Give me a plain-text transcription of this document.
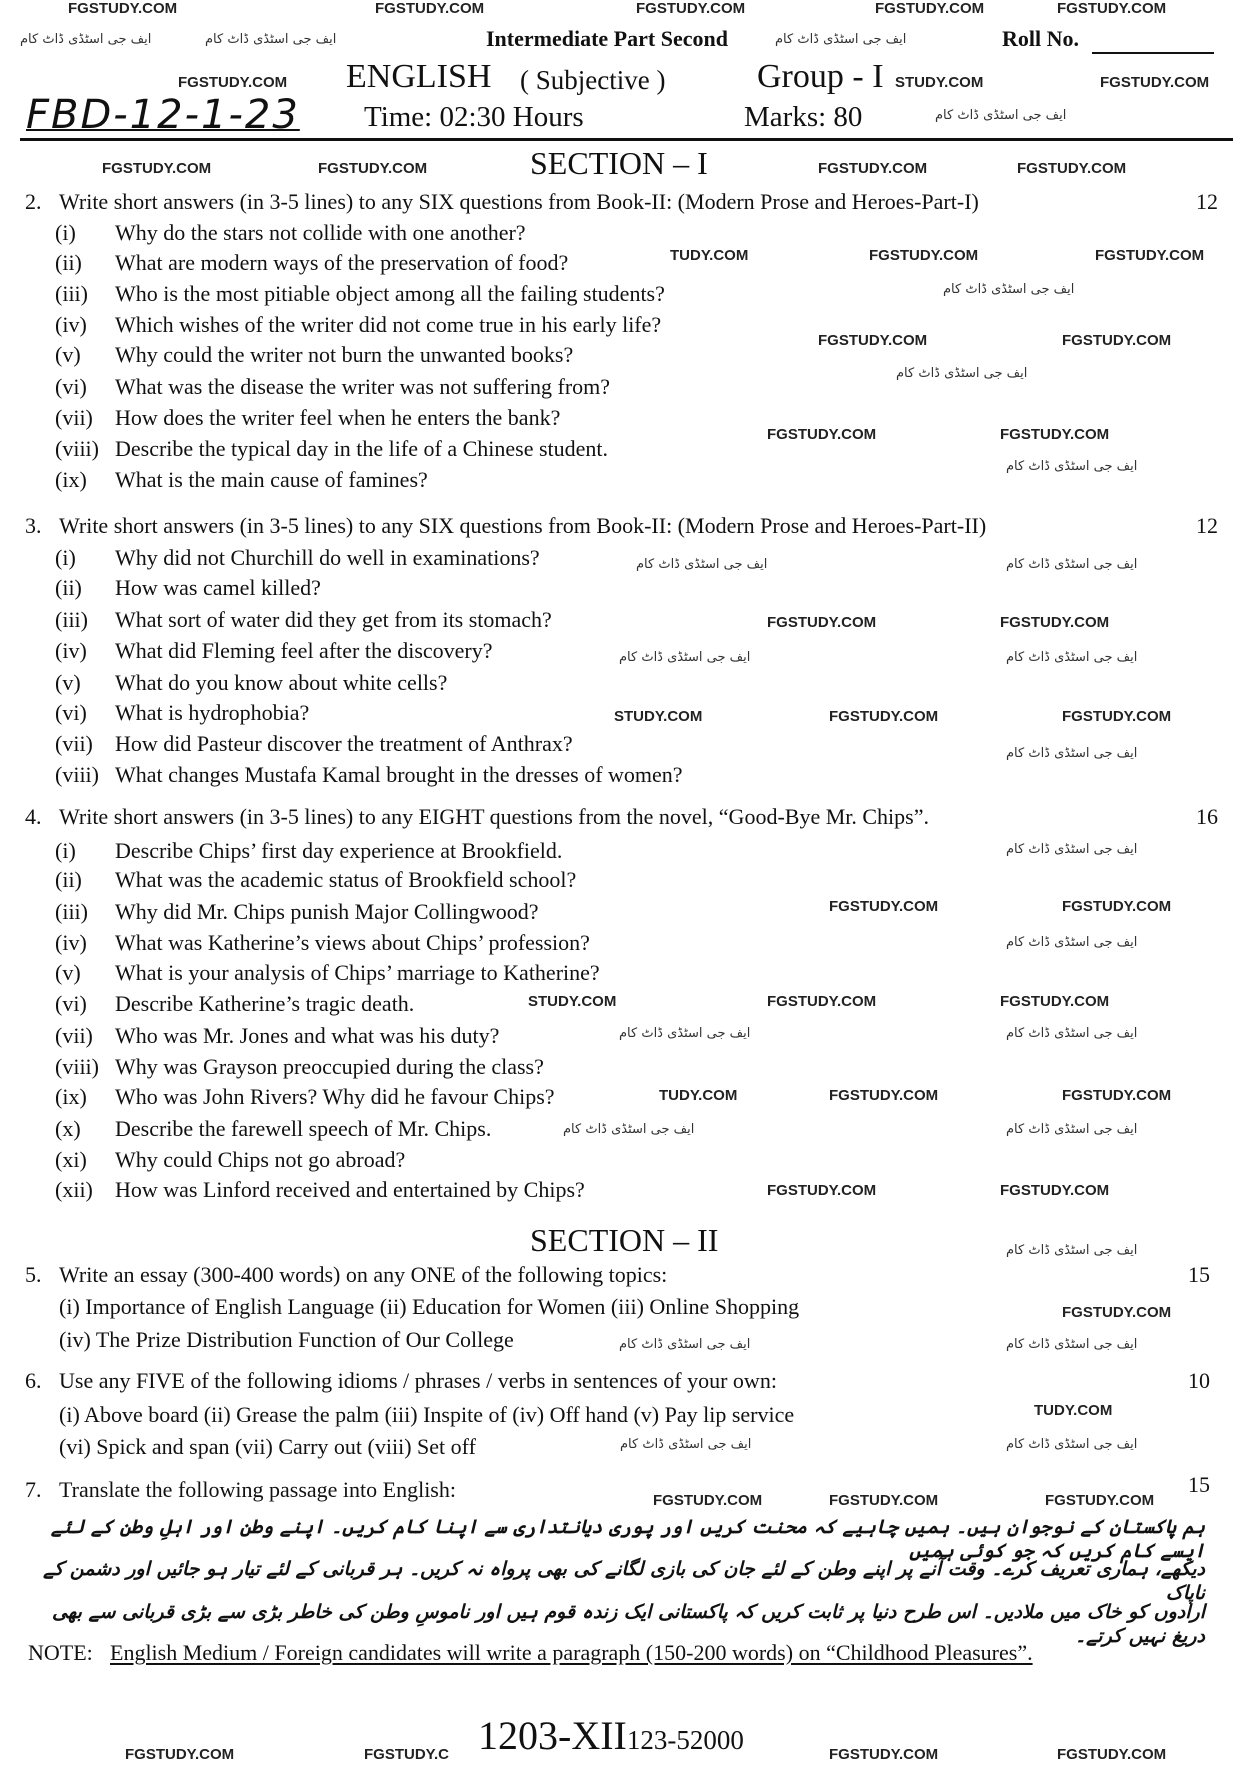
Intermediate Part Second	Roll No.
ENGLISH ( Subjective )	Group - I
FBD-12-1-23 Time: 02:30 Hours	Marks: 80
SECTION – I
2. Write short answers (in 3-5 lines) to any SIX questions from Book-II: (Modern Prose and Heroes-Part-I)	12
(i) Why do the stars not collide with one another?
(ii) What are modern ways of the preservation of food?
(iii) Who is the most pitiable object among all the failing students?
(iv) Which wishes of the writer did not come true in his early life?
(v) Why could the writer not burn the unwanted books?
(vi) What was the disease the writer was not suffering from?
(vii) How does the writer feel when he enters the bank?
(viii) Describe the typical day in the life of a Chinese student.
(ix) What is the main cause of famines?
3. Write short answers (in 3-5 lines) to any SIX questions from Book-II: (Modern Prose and Heroes-Part-II)	12
(i) Why did not Churchill do well in examinations?
(ii) How was camel killed?
(iii) What sort of water did they get from its stomach?
(iv) What did Fleming feel after the discovery?
(v) What do you know about white cells?
(vi) What is hydrophobia?
(vii) How did Pasteur discover the treatment of Anthrax?
(viii) What changes Mustafa Kamal brought in the dresses of women?
4. Write short answers (in 3-5 lines) to any EIGHT questions from the novel, “Good-Bye Mr. Chips”.	16
(i) Describe Chips’ first day experience at Brookfield.
(ii) What was the academic status of Brookfield school?
(iii) Why did Mr. Chips punish Major Collingwood?
(iv) What was Katherine’s views about Chips’ profession?
(v) What is your analysis of Chips’ marriage to Katherine?
(vi) Describe Katherine’s tragic death.
(vii) Who was Mr. Jones and what was his duty?
(viii) Why was Grayson preoccupied during the class?
(ix) Who was John Rivers? Why did he favour Chips?
(x) Describe the farewell speech of Mr. Chips.
(xi) Why could Chips not go abroad?
(xii) How was Linford received and entertained by Chips?
SECTION – II
5. Write an essay (300-400 words) on any ONE of the following topics:	15
(i) Importance of English Language (ii) Education for Women (iii) Online Shopping
(iv) The Prize Distribution Function of Our College
6. Use any FIVE of the following idioms / phrases / verbs in sentences of your own:	10
(i) Above board (ii) Grease the palm (iii) Inspite of (iv) Off hand (v) Pay lip service
(vi) Spick and span (vii) Carry out (viii) Set off
7. Translate the following passage into English:	15
ہم پاکستان کے نوجوان ہیں۔ ہمیں چاہیے کہ محنت کریں اور پوری دیانتداری سے اپنا کام کریں۔ اپنے وطن اور اہلِ وطن کے لئے ایسے کام کریں کہ جو کوئی ہمیں
دیکھے، ہماری تعریف کرے۔ وقت آنے پر اپنے وطن کے لئے جان کی بازی لگانے کی بھی پرواہ نہ کریں۔ ہر قربانی کے لئے تیار ہو جائیں اور دشمن کے ناپاک
ارادوں کو خاک میں ملادیں۔ اس طرح دنیا پر ثابت کریں کہ پاکستانی ایک زندہ قوم ہیں اور ناموسِ وطن کی خاطر بڑی سے بڑی قربانی سے بھی دریغ نہیں کرتے۔
NOTE: English Medium / Foreign candidates will write a paragraph (150-200 words) on “Childhood Pleasures”.
1203-XII123-52000
FGSTUDY.COM	FGSTUDY.COM	FGSTUDY.COM	FGSTUDY.COM	FGSTUDY.COM
ایف جی اسٹڈی ڈاٹ کام	ایف جی اسٹڈی ڈاٹ کام	ایف جی اسٹڈی ڈاٹ کام
FGSTUDY.COM	STUDY.COM	FGSTUDY.COM
ایف جی اسٹڈی ڈاٹ کام
FGSTUDY.COM	FGSTUDY.COM	FGSTUDY.COM	FGSTUDY.COM
TUDY.COM	FGSTUDY.COM	FGSTUDY.COM
ایف جی اسٹڈی ڈاٹ کام
FGSTUDY.COM	FGSTUDY.COM
ایف جی اسٹڈی ڈاٹ کام
FGSTUDY.COM	FGSTUDY.COM
ایف جی اسٹڈی ڈاٹ کام
ایف جی اسٹڈی ڈاٹ کام	ایف جی اسٹڈی ڈاٹ کام
FGSTUDY.COM	FGSTUDY.COM
ایف جی اسٹڈی ڈاٹ کام	ایف جی اسٹڈی ڈاٹ کام
STUDY.COM	FGSTUDY.COM	FGSTUDY.COM
ایف جی اسٹڈی ڈاٹ کام
ایف جی اسٹڈی ڈاٹ کام
FGSTUDY.COM	FGSTUDY.COM
ایف جی اسٹڈی ڈاٹ کام
STUDY.COM	FGSTUDY.COM	FGSTUDY.COM
ایف جی اسٹڈی ڈاٹ کام	ایف جی اسٹڈی ڈاٹ کام
TUDY.COM	FGSTUDY.COM	FGSTUDY.COM
ایف جی اسٹڈی ڈاٹ کام	ایف جی اسٹڈی ڈاٹ کام
FGSTUDY.COM	FGSTUDY.COM
ایف جی اسٹڈی ڈاٹ کام
FGSTUDY.COM
ایف جی اسٹڈی ڈاٹ کام	ایف جی اسٹڈی ڈاٹ کام
TUDY.COM
ایف جی اسٹڈی ڈاٹ کام	ایف جی اسٹڈی ڈاٹ کام
FGSTUDY.COM	FGSTUDY.COM	FGSTUDY.COM
FGSTUDY.COM	FGSTUDY.C	FGSTUDY.COM	FGSTUDY.COM
